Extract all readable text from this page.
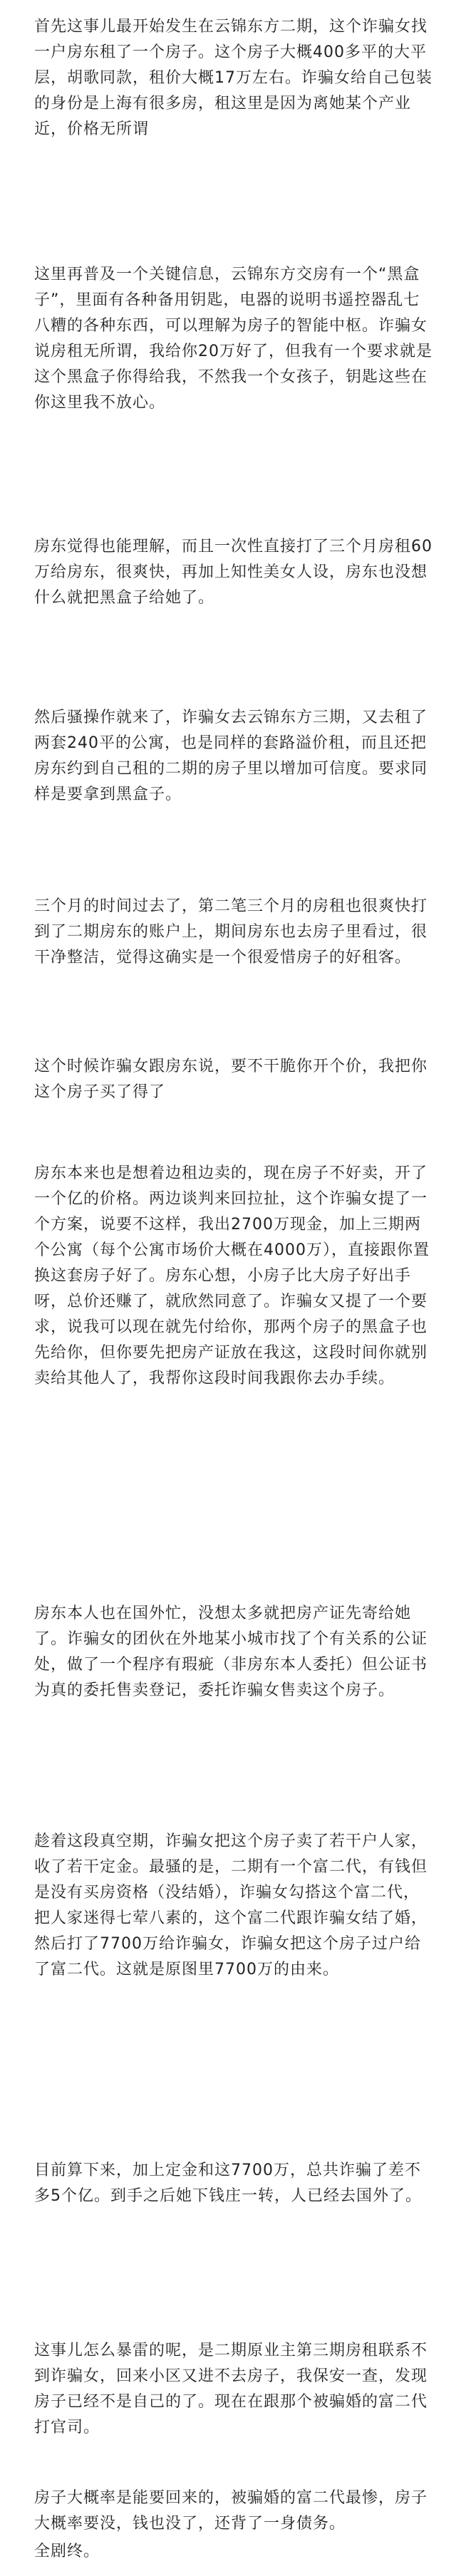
首先这事儿最开始发生在云锦东方二期，这个诈骗女找一户房东租了一个房子。这个房子大概400多平的大平层，胡歌同款，租价大概17万左右。诈骗女给自己包装的身份是上海有很多房，租这里是因为离她某个产业近，价格无所谓

这里再普及一个关键信息，云锦东方交房有一个“黑盒子”，里面有各种备用钥匙，电器的说明书遥控器乱七八糟的各种东西，可以理解为房子的智能中枢。诈骗女说房租无所谓，我给你20万好了，但我有一个要求就是这个黑盒子你得给我，不然我一个女孩子，钥匙这些在你这里我不放心。

房东觉得也能理解，而且一次性直接打了三个月房租60万给房东，很爽快，再加上知性美女人设，房东也没想什么就把黑盒子给她了。

然后骚操作就来了，诈骗女去云锦东方三期，又去租了两套240平的公寓，也是同样的套路溢价租，而且还把房东约到自己租的二期的房子里以增加可信度。要求同样是要拿到黑盒子。

三个月的时间过去了，第二笔三个月的房租也很爽快打到了二期房东的账户上，期间房东也去房子里看过，很干净整洁，觉得这确实是一个很爱惜房子的好租客。

这个时候诈骗女跟房东说，要不干脆你开个价，我把你这个房子买了得了

房东本来也是想着边租边卖的，现在房子不好卖，开了一个亿的价格。两边谈判来回拉扯，这个诈骗女提了一个方案，说要不这样，我出2700万现金，加上三期两个公寓（每个公寓市场价大概在4000万），直接跟你置换这套房子好了。房东心想，小房子比大房子好出手呀，总价还赚了，就欣然同意了。诈骗女又提了一个要求，说我可以现在就先付给你，那两个房子的黑盒子也先给你，但你要先把房产证放在我这，这段时间你就别卖给其他人了，我帮你这段时间我跟你去办手续。

房东本人也在国外忙，没想太多就把房产证先寄给她了。诈骗女的团伙在外地某小城市找了个有关系的公证处，做了一个程序有瑕疵（非房东本人委托）但公证书为真的委托售卖登记，委托诈骗女售卖这个房子。

趁着这段真空期，诈骗女把这个房子卖了若干户人家，收了若干定金。最骚的是，二期有一个富二代，有钱但是没有买房资格（没结婚），诈骗女勾搭这个富二代，把人家迷得七荤八素的，这个富二代跟诈骗女结了婚，然后打了7700万给诈骗女，诈骗女把这个房子过户给了富二代。这就是原图里7700万的由来。

目前算下来，加上定金和这7700万，总共诈骗了差不多5个亿。到手之后她下钱庄一转，人已经去国外了。

这事儿怎么暴雷的呢，是二期原业主第三期房租联系不到诈骗女，回来小区又进不去房子，我保安一查，发现房子已经不是自己的了。现在在跟那个被骗婚的富二代打官司。

房子大概率是能要回来的，被骗婚的富二代最惨，房子大概率要没，钱也没了，还背了一身债务。

全剧终。
